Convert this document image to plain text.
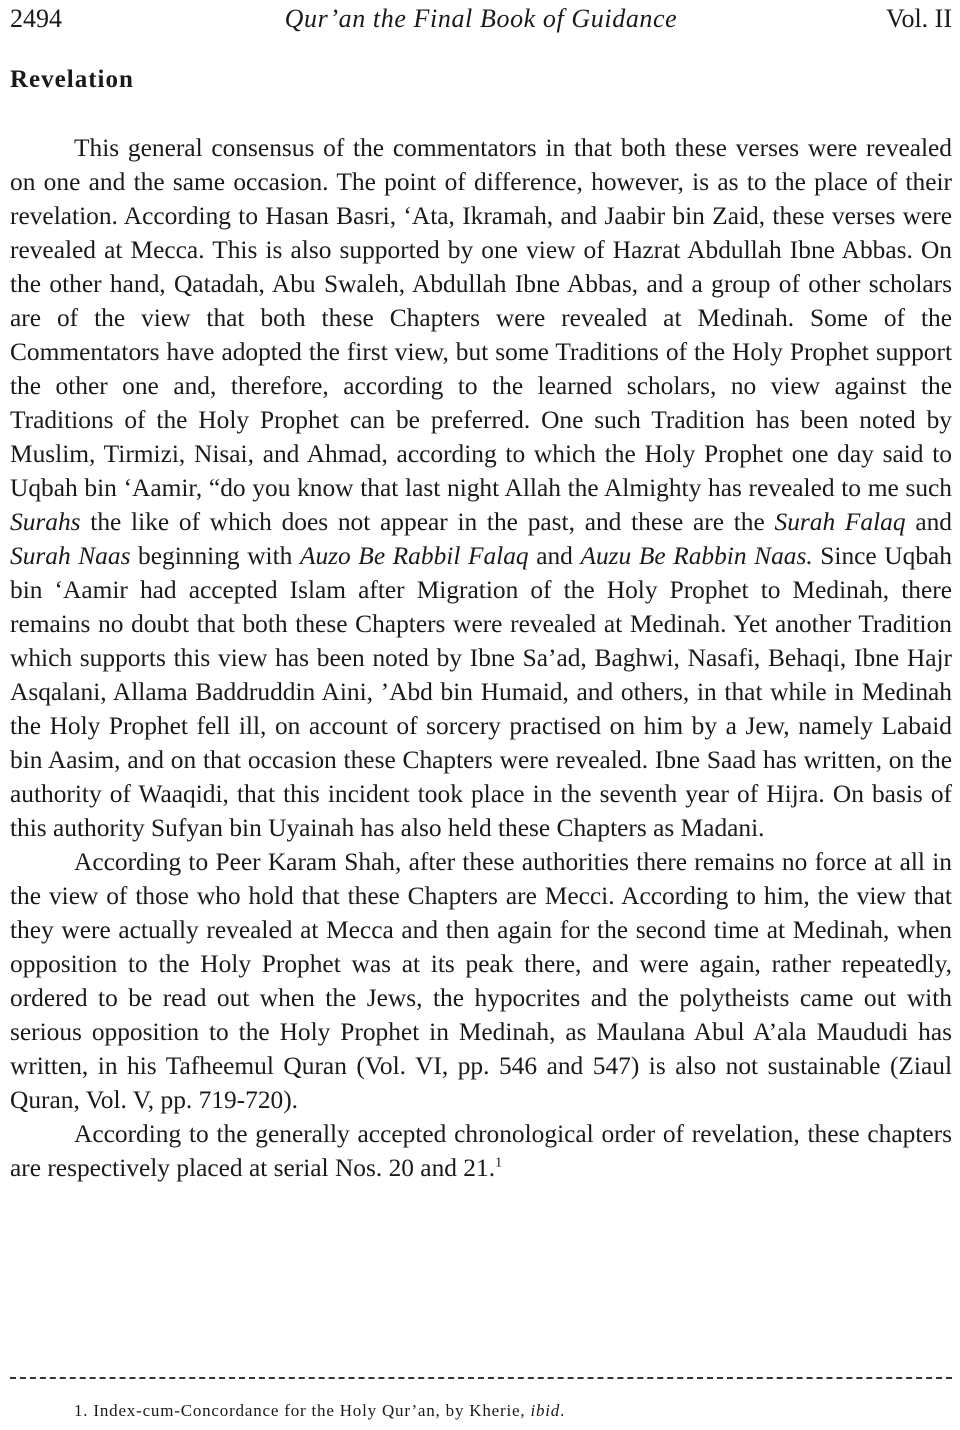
2494	Qur’an the Final Book of Guidance	Vol. II
Revelation

This general consensus of the commentators in that both these verses were revealed on one and the same occasion. The point of difference, however, is as to the place of their revelation. According to Hasan Basri, ‘Ata, Ikramah, and Jaabir bin Zaid, these verses were revealed at Mecca. This is also supported by one view of Hazrat Abdullah Ibne Abbas. On the other hand, Qatadah, Abu Swaleh, Abdullah Ibne Abbas, and a group of other scholars are of the view that both these Chapters were revealed at Medinah. Some of the Commentators have adopted the first view, but some Traditions of the Holy Prophet support the other one and, therefore, according to the learned scholars, no view against the Traditions of the Holy Prophet can be preferred. One such Tradition has been noted by Muslim, Tirmizi, Nisai, and Ahmad, according to which the Holy Prophet one day said to Uqbah bin ‘Aamir, “do you know that last night Allah the Almighty has revealed to me such Surahs the like of which does not appear in the past, and these are the Surah Falaq and Surah Naas beginning with Auzo Be Rabbil Falaq and Auzu Be Rabbin Naas. Since Uqbah bin ‘Aamir had accepted Islam after Migration of the Holy Prophet to Medinah, there remains no doubt that both these Chapters were revealed at Medinah. Yet another Tradition which supports this view has been noted by Ibne Sa’ad, Baghwi, Nasafi, Behaqi, Ibne Hajr Asqalani, Allama Baddruddin Aini, ’Abd bin Humaid, and others, in that while in Medinah the Holy Prophet fell ill, on account of sorcery practised on him by a Jew, namely Labaid bin Aasim, and on that occasion these Chapters were revealed. Ibne Saad has written, on the authority of Waaqidi, that this incident took place in the seventh year of Hijra. On basis of this authority Sufyan bin Uyainah has also held these Chapters as Madani.

According to Peer Karam Shah, after these authorities there remains no force at all in the view of those who hold that these Chapters are Mecci. According to him, the view that they were actually revealed at Mecca and then again for the second time at Medinah, when opposition to the Holy Prophet was at its peak there, and were again, rather repeatedly, ordered to be read out when the Jews, the hypocrites and the polytheists came out with serious opposition to the Holy Prophet in Medinah, as Maulana Abul A’ala Maududi has written, in his Tafheemul Quran (Vol. VI, pp. 546 and 547) is also not sustainable (Ziaul Quran, Vol. V, pp. 719-720).

According to the generally accepted chronological order of revelation, these chapters are respectively placed at serial Nos. 20 and 21.$^1$

1. Index-cum-Concordance for the Holy Qur’an, by Kherie, ibid.
